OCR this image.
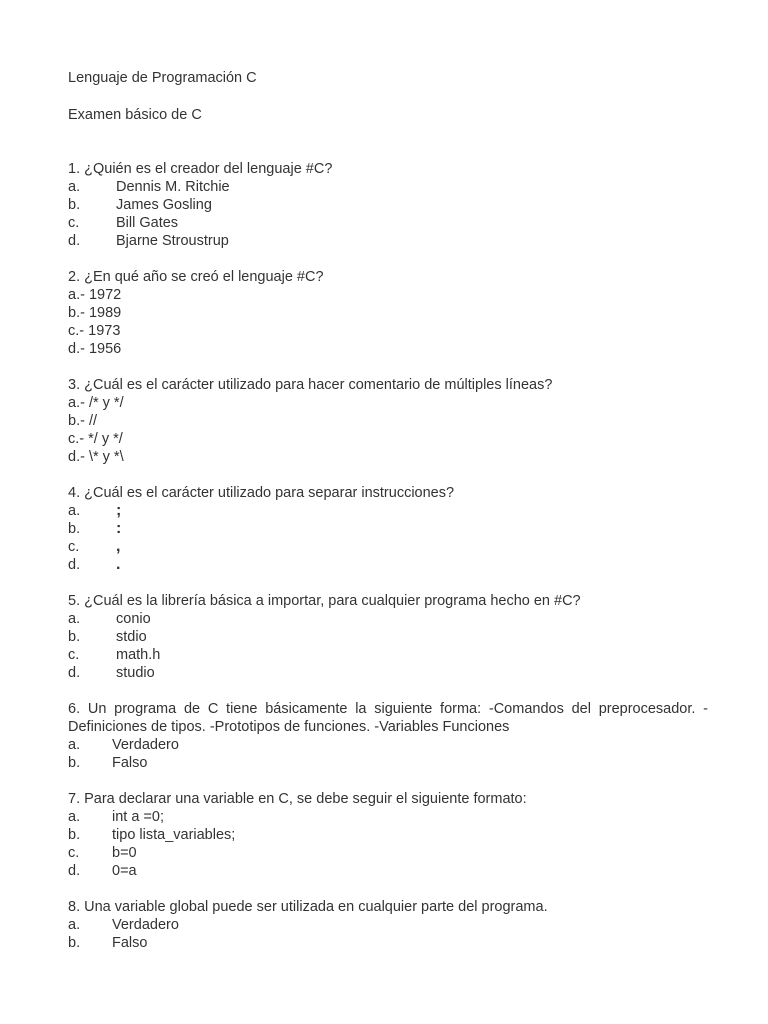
Lenguaje de Programación C
Examen básico de C
1. ¿Quién es el creador del lenguaje #C?
a.	Dennis M. Ritchie
b.	James Gosling
c.	Bill Gates
d.	Bjarne Stroustrup
2. ¿En qué año se creó el lenguaje #C?
a.- 1972
b.- 1989
c.- 1973
d.- 1956
3. ¿Cuál es el carácter utilizado para hacer comentario de múltiples líneas?
a.- /* y */
b.- //
c.- */ y */
d.- \* y *\
4. ¿Cuál es el carácter utilizado para separar instrucciones?
a.	;
b.	:
c.	,
d.	.
5. ¿Cuál es la librería básica a importar, para cualquier programa hecho en #C?
a.	conio
b.	stdio
c.	math.h
d.	studio
6. Un programa de C tiene básicamente la siguiente forma: -Comandos del preprocesador. -Definiciones de tipos. -Prototipos de funciones. -Variables Funciones
a.	Verdadero
b.	Falso
7. Para declarar una variable en C, se debe seguir el siguiente formato:
a.	int a =0;
b.	tipo lista_variables;
c.	b=0
d.	0=a
8. Una variable global puede ser utilizada en cualquier parte del programa.
a.	Verdadero
b.	Falso
